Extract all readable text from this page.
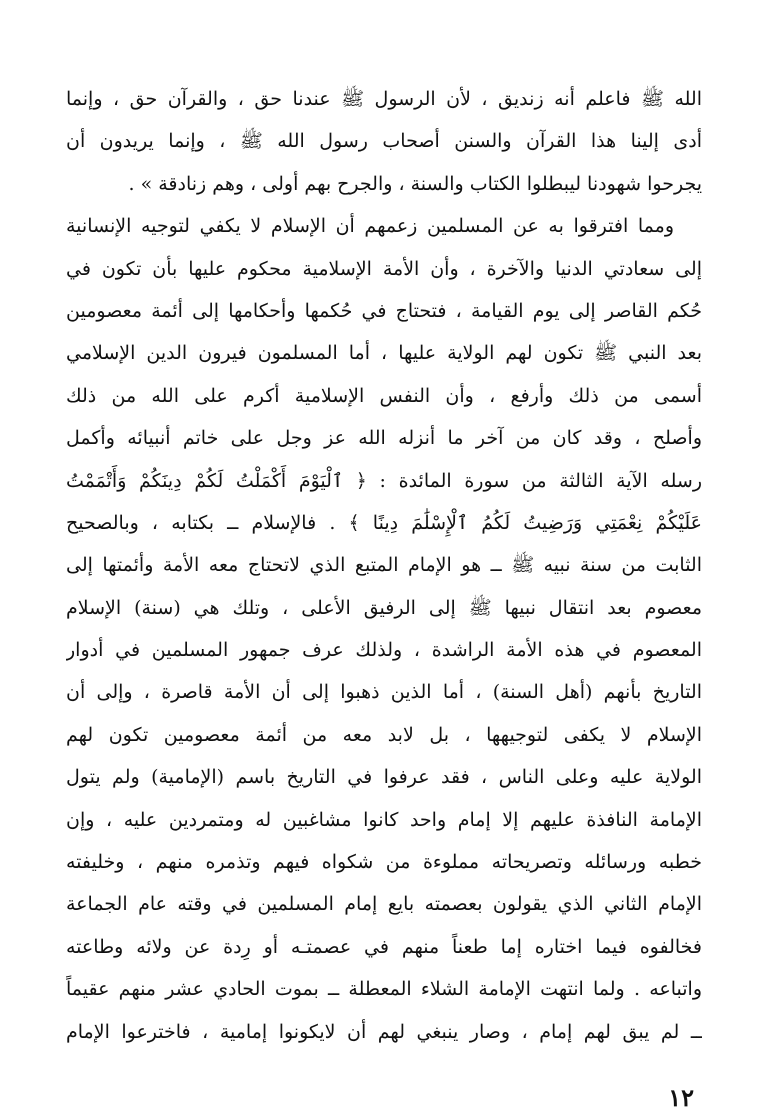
الله ﷺ فاعلم أنه زنديق ، لأن الرسول ﷺ عندنا حق ، والقرآن حق ، وإنما
أدى إلينا هذا القرآن والسنن أصحاب رسول الله ﷺ ، وإنما يريدون أن
يجرحوا شهودنا ليبطلوا الكتاب والسنة ، والجرح بهم أولى ، وهم زنادقة » .
ومما افترقوا به عن المسلمين زعمهم أن الإسلام لا يكفي لتوجيه الإنسانية
إلى سعادتي الدنيا والآخرة ، وأن الأمة الإسلامية محكوم عليها بأن تكون في
حُكم القاصر إلى يوم القيامة ، فتحتاج في حُكمها وأحكامها إلى أئمة معصومين
بعد النبي ﷺ تكون لهم الولاية عليها ، أما المسلمون فيرون الدين الإسلامي
أسمى من ذلك وأرفع ، وأن النفس الإسلامية أكرم على الله من ذلك
وأصلح ، وقد كان من آخر ما أنزله الله عز وجل على خاتم أنبيائه وأكمل
رسله الآية الثالثة من سورة المائدة : ﴿ ٱلْيَوْمَ أَكْمَلْتُ لَكُمْ دِينَكُمْ وَأَتْمَمْتُ
عَلَيْكُمْ نِعْمَتِي وَرَضِيتُ لَكُمُ ٱلْإِسْلَٰمَ دِينًا ﴾ . فالإسلام ــ بكتابه ، وبالصحيح
الثابت من سنة نبيه ﷺ ــ هو الإمام المتبع الذي لاتحتاج معه الأمة وأئمتها إلى
معصوم بعد انتقال نبيها ﷺ إلى الرفيق الأعلى ، وتلك هي (سنة) الإسلام
المعصوم في هذه الأمة الراشدة ، ولذلك عرف جمهور المسلمين في أدوار
التاريخ بأنهم (أهل السنة) ، أما الذين ذهبوا إلى أن الأمة قاصرة ، وإلى أن
الإسلام لا يكفى لتوجيهها ، بل لابد معه من أئمة معصومين تكون لهم
الولاية عليه وعلى الناس ، فقد عرفوا في التاريخ باسم (الإمامية) ولم يتول
الإمامة النافذة عليهم إلا إمام واحد كانوا مشاغبين له ومتمردين عليه ، وإن
خطبه ورسائله وتصريحاته مملوءة من شكواه فيهم وتذمره منهم ، وخليفته
الإمام الثاني الذي يقولون بعصمته بايع إمام المسلمين في وقته عام الجماعة
فخالفوه فيما اختاره إما طعناً منهم في عصمتـه أو رِدة عن ولائه وطاعته
واتباعه . ولما انتهت الإمامة الشلاء المعطلة ــ بموت الحادي عشر منهم عقيماً
ــ لم يبق لهم إمام ، وصار ينبغي لهم أن لايكونوا إمامية ، فاخترعوا الإمام
١٢
